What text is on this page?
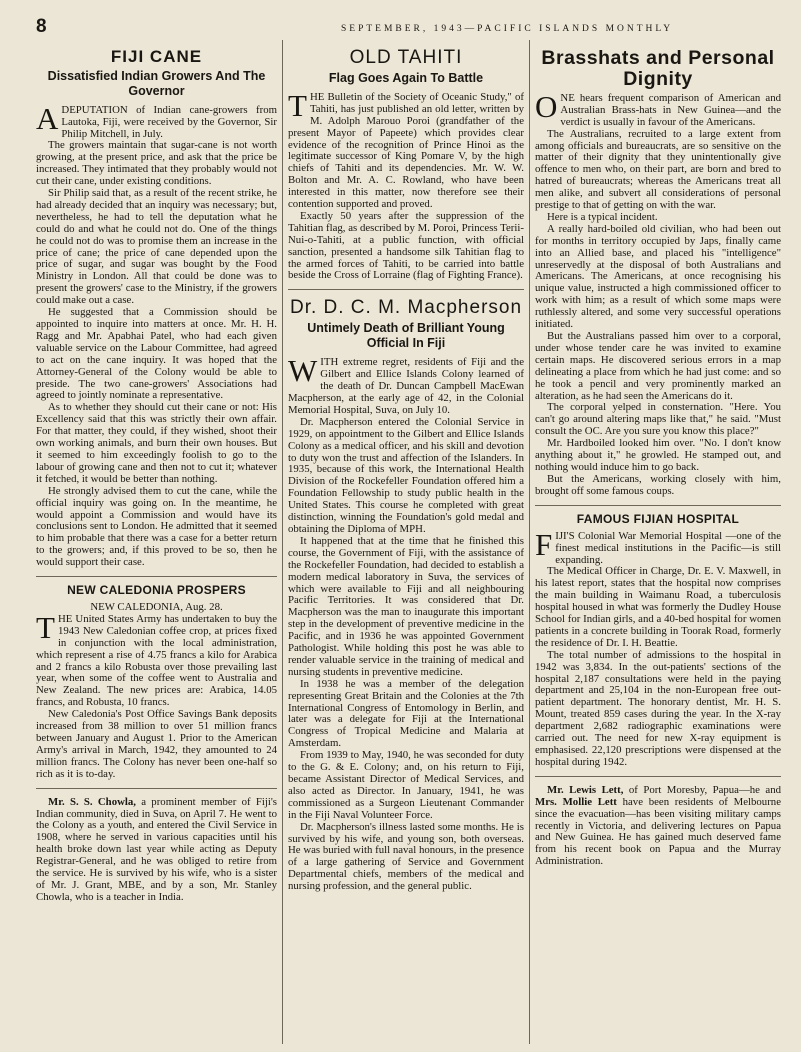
8	SEPTEMBER, 1943—PACIFIC ISLANDS MONTHLY
FIJI CANE
Dissatisfied Indian Growers And The Governor

ADEPUTATION of Indian cane-growers from Lautoka, Fiji, were received by the Governor, Sir Philip Mitchell, in July.

The growers maintain that sugar-cane is not worth growing, at the present price, and ask that the price be increased. They intimated that they probably would not cut their cane, under existing conditions.

Sir Philip said that, as a result of the recent strike, he had already decided that an inquiry was necessary; but, nevertheless, he had to tell the deputation what he could do and what he could not do. One of the things he could not do was to promise them an increase in the price of cane; the price of cane depended upon the price of sugar, and sugar was bought by the Food Ministry in London. All that could be done was to present the growers' case to the Ministry, if the growers could make out a case.

He suggested that a Commission should be appointed to inquire into matters at once. Mr. H. H. Ragg and Mr. Apabhai Patel, who had each given valuable service on the Labour Committee, had agreed to act on the cane inquiry. It was hoped that the Attorney-General of the Colony would be able to preside. The two cane-growers' Associations had agreed to jointly nominate a representative.

As to whether they should cut their cane or not: His Excellency said that this was strictly their own affair. For that matter, they could, if they wished, shoot their own working animals, and burn their own houses. But it seemed to him exceedingly foolish to go to the labour of growing cane and then not to cut it; whatever it fetched, it would be better than nothing.

He strongly advised them to cut the cane, while the official inquiry was going on. In the meantime, he would appoint a Commission and would have its conclusions sent to London. He admitted that it seemed to him probable that there was a case for a better return to the growers; and, if this proved to be so, then he would support their case.

NEW CALEDONIA PROSPERS

NEW CALEDONIA, Aug. 28.

THE United States Army has undertaken to buy the 1943 New Caledonian coffee crop, at prices fixed in conjunction with the local administration, which represent a rise of 4.75 francs a kilo for Arabica and 2 francs a kilo Robusta over those prevailing last year, when some of the coffee went to Australia and New Zealand. The new prices are: Arabica, 14.05 francs, and Robusta, 10 francs.

New Caledonia's Post Office Savings Bank deposits increased from 38 million to over 51 million francs between January and August 1. Prior to the American Army's arrival in March, 1942, they amounted to 24 million francs. The Colony has never been one-half so rich as it is to-day.

Mr. S. S. Chowla, a prominent member of Fiji's Indian community, died in Suva, on April 7. He went to the Colony as a youth, and entered the Civil Service in 1908, where he served in various capacities until his health broke down last year while acting as Deputy Registrar-General, and he was obliged to retire from the service. He is survived by his wife, who is a sister of Mr. J. Grant, MBE, and by a son, Mr. Stanley Chowla, who is a teacher in India.

OLD TAHITI
Flag Goes Again To Battle

THE Bulletin of the Society of Oceanic Study," of Tahiti, has just published an old letter, written by M. Adolph Marouo Poroi (grandfather of the present Mayor of Papeete) which provides clear evidence of the recognition of Prince Hinoi as the legitimate successor of King Pomare V, by the high chiefs of Tahiti and its dependencies. Mr. W. W. Bolton and Mr. A. C. Rowland, who have been interested in this matter, now therefore see their contention supported and proved.

Exactly 50 years after the suppression of the Tahitian flag, as described by M. Poroi, Princess Terii-Nui-o-Tahiti, at a public function, with official sanction, presented a handsome silk Tahitian flag to the armed forces of Tahiti, to be carried into battle beside the Cross of Lorraine (flag of Fighting France).

Dr. D. C. M. Macpherson
Untimely Death of Brilliant Young Official In Fiji

WITH extreme regret, residents of Fiji and the Gilbert and Ellice Islands Colony learned of the death of Dr. Duncan Campbell MacEwan Macpherson, at the early age of 42, in the Colonial Memorial Hospital, Suva, on July 10.

Dr. Macpherson entered the Colonial Service in 1929, on appointment to the Gilbert and Ellice Islands Colony as a medical officer, and his skill and devotion to duty won the trust and affection of the Islanders. In 1935, because of this work, the International Health Division of the Rockefeller Foundation offered him a Foundation Fellowship to study public health in the United States. This course he completed with great distinction, winning the Foundation's gold medal and obtaining the Diploma of MPH.

It happened that at the time that he finished this course, the Government of Fiji, with the assistance of the Rockefeller Foundation, had decided to establish a modern medical laboratory in Suva, the services of which were available to Fiji and all neighbouring Pacific Territories. It was considered that Dr. Macpherson was the man to inaugurate this important step in the development of preventive medicine in the Pacific, and in 1936 he was appointed Government Pathologist. While holding this post he was able to render valuable service in the training of medical and nursing students in preventive medicine.

In 1938 he was a member of the delegation representing Great Britain and the Colonies at the 7th International Congress of Entomology in Berlin, and later was a delegate for Fiji at the International Congress of Tropical Medicine and Malaria at Amsterdam.

From 1939 to May, 1940, he was seconded for duty to the G. & E. Colony; and, on his return to Fiji, became Assistant Director of Medical Services, and also acted as Director. In January, 1941, he was commissioned as a Surgeon Lieutenant Commander in the Fiji Naval Volunteer Force.

Dr. Macpherson's illness lasted some months. He is survived by his wife, and young son, both overseas. He was buried with full naval honours, in the presence of a large gathering of Service and Government Departmental chiefs, members of the medical and nursing profession, and the general public.

Brasshats and Personal Dignity

ONE hears frequent comparison of American and Australian Brass-hats in New Guinea—and the verdict is usually in favour of the Americans.

The Australians, recruited to a large extent from among officials and bureaucrats, are so sensitive on the matter of their dignity that they unintentionally give offence to men who, on their part, are born and bred to hatred of bureaucrats; whereas the Americans treat all men alike, and subvert all considerations of personal prestige to that of getting on with the war.

Here is a typical incident.

A really hard-boiled old civilian, who had been out for months in territory occupied by Japs, finally came into an Allied base, and placed his "intelligence" unreservedly at the disposal of both Australians and Americans. The Americans, at once recognising his unique value, instructed a high commissioned officer to work with him; as a result of which some maps were ruthlessly altered, and some very successful operations initiated.

But the Australians passed him over to a corporal, under whose tender care he was invited to examine certain maps. He discovered serious errors in a map delineating a place from which he had just come: and so he took a pencil and very prominently marked an alteration, as he had seen the Americans do it.

The corporal yelped in consternation. "Here. You can't go around altering maps like that," he said. "Must consult the OC. Are you sure you know this place?"

Mr. Hardboiled looked him over. "No. I don't know anything about it," he growled. He stamped out, and nothing would induce him to go back.

But the Americans, working closely with him, brought off some famous coups.

FAMOUS FIJIAN HOSPITAL

FIJI'S Colonial War Memorial Hospital —one of the finest medical institutions in the Pacific—is still expanding.

The Medical Officer in Charge, Dr. E. V. Maxwell, in his latest report, states that the hospital now comprises the main building in Waimanu Road, a tuberculosis hospital housed in what was formerly the Dudley House School for Indian girls, and a 40-bed hospital for women patients in a concrete building in Toorak Road, formerly the residence of Dr. I. H. Beattie.

The total number of admissions to the hospital in 1942 was 3,834. In the out-patients' sections of the hospital 2,187 consultations were held in the paying department and 25,104 in the non-European free out-patient department. The honorary dentist, Mr. H. S. Mount, treated 859 cases during the year. In the X-ray department 2,682 radiographic examinations were carried out. The need for new X-ray equipment is emphasised. 22,120 prescriptions were dispensed at the hospital during 1942.

Mr. Lewis Lett, of Port Moresby, Papua—he and Mrs. Mollie Lett have been residents of Melbourne since the evacuation—has been visiting military camps recently in Victoria, and delivering lectures on Papua and New Guinea. He has gained much deserved fame from his recent book on Papua and the Murray Administration.
